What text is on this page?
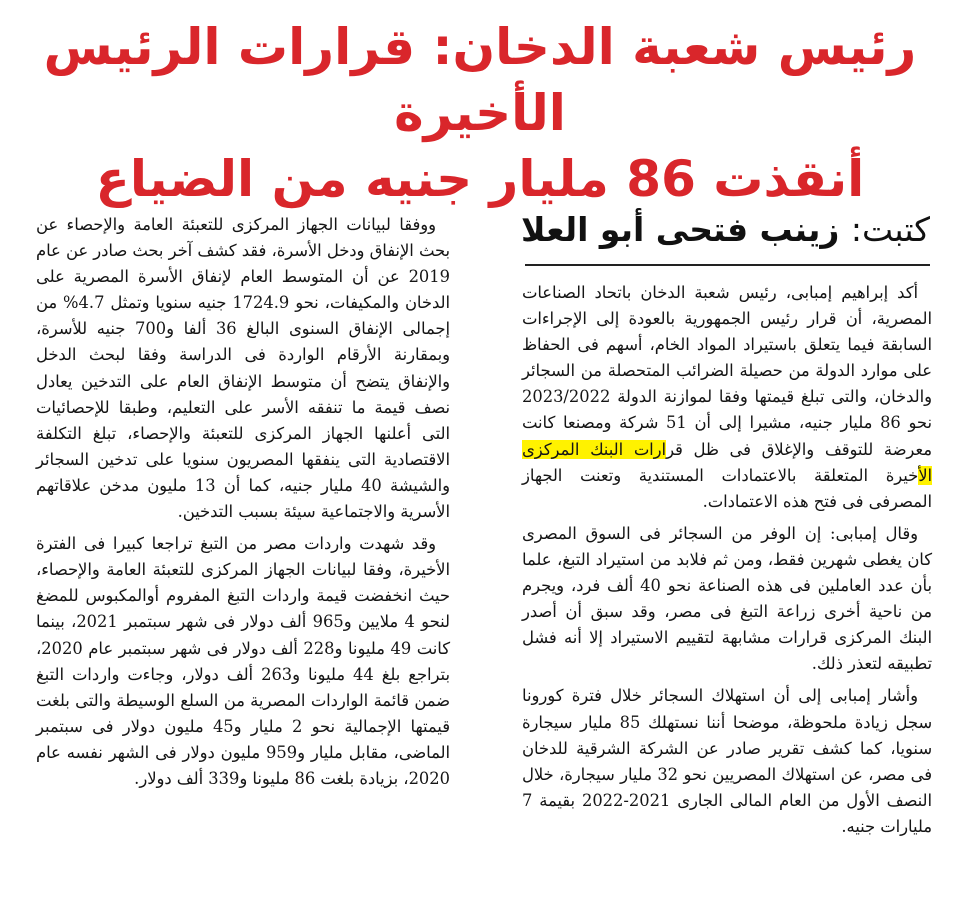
رئيس شعبة الدخان: قرارات الرئيس الأخيرة
أنقذت 86 مليار جنيه من الضياع
كتبت: زينب فتحى أبو العلا

أكد إبراهيم إمبابى، رئيس شعبة الدخان باتحاد الصناعات المصرية، أن قرار رئيس الجمهورية بالعودة إلى الإجراءات السابقة فيما يتعلق باستيراد المواد الخام، أسهم فى الحفاظ على موارد الدولة من حصيلة الضرائب المتحصلة من السجائر والدخان، والتى تبلغ قيمتها وفقا لموازنة الدولة 2023/2022 نحو 86 مليار جنيه، مشيرا إلى أن 51 شركة ومصنعا كانت معرضة للتوقف والإغلاق فى ظل قرارات البنك المركزى الأخيرة المتعلقة بالاعتمادات المستندية وتعنت الجهاز المصرفى فى فتح هذه الاعتمادات.

وقال إمبابى: إن الوفر من السجائر فى السوق المصرى كان يغطى شهرين فقط، ومن ثم فلابد من استيراد التبغ، علما بأن عدد العاملين فى هذه الصناعة نحو 40 ألف فرد، ويجرم من ناحية أخرى زراعة التبغ فى مصر، وقد سبق أن أصدر البنك المركزى قرارات مشابهة لتقييم الاستيراد إلا أنه فشل تطبيقه لتعذر ذلك.

وأشار إمبابى إلى أن استهلاك السجائر خلال فترة كورونا سجل زيادة ملحوظة، موضحا أننا نستهلك 85 مليار سيجارة سنويا، كما كشف تقرير صادر عن الشركة الشرقية للدخان فى مصر، عن استهلاك المصريين نحو 32 مليار سيجارة، خلال النصف الأول من العام المالى الجارى 2021-2022 بقيمة 7 مليارات جنيه.

ووفقا لبيانات الجهاز المركزى للتعبئة العامة والإحصاء عن بحث الإنفاق ودخل الأسرة، فقد كشف آخر بحث صادر عن عام 2019 عن أن المتوسط العام لإنفاق الأسرة المصرية على الدخان والمكيفات، نحو 1724.9 جنيه سنويا وتمثل 4.7% من إجمالى الإنفاق السنوى البالغ 36 ألفا و700 جنيه للأسرة، وبمقارنة الأرقام الواردة فى الدراسة وفقا لبحث الدخل والإنفاق يتضح أن متوسط الإنفاق العام على التدخين يعادل نصف قيمة ما تنفقه الأسر على التعليم، وطبقا للإحصائيات التى أعلنها الجهاز المركزى للتعبئة والإحصاء، تبلغ التكلفة الاقتصادية التى ينفقها المصريون سنويا على تدخين السجائر والشيشة 40 مليار جنيه، كما أن 13 مليون مدخن علاقاتهم الأسرية والاجتماعية سيئة بسبب التدخين.

وقد شهدت واردات مصر من التبغ تراجعا كبيرا فى الفترة الأخيرة، وفقا لبيانات الجهاز المركزى للتعبئة العامة والإحصاء، حيث انخفضت قيمة واردات التبغ المفروم أوالمكبوس للمضغ لنحو 4 ملايين و965 ألف دولار فى شهر سبتمبر 2021، بينما كانت 49 مليونا و228 ألف دولار فى شهر سبتمبر عام 2020، بتراجع بلغ 44 مليونا و263 ألف دولار، وجاءت واردات التبغ ضمن قائمة الواردات المصرية من السلع الوسيطة والتى بلغت قيمتها الإجمالية نحو 2 مليار و45 مليون دولار فى سبتمبر الماضى، مقابل مليار و959 مليون دولار فى الشهر نفسه عام 2020، بزيادة بلغت 86 مليونا و339 ألف دولار.
